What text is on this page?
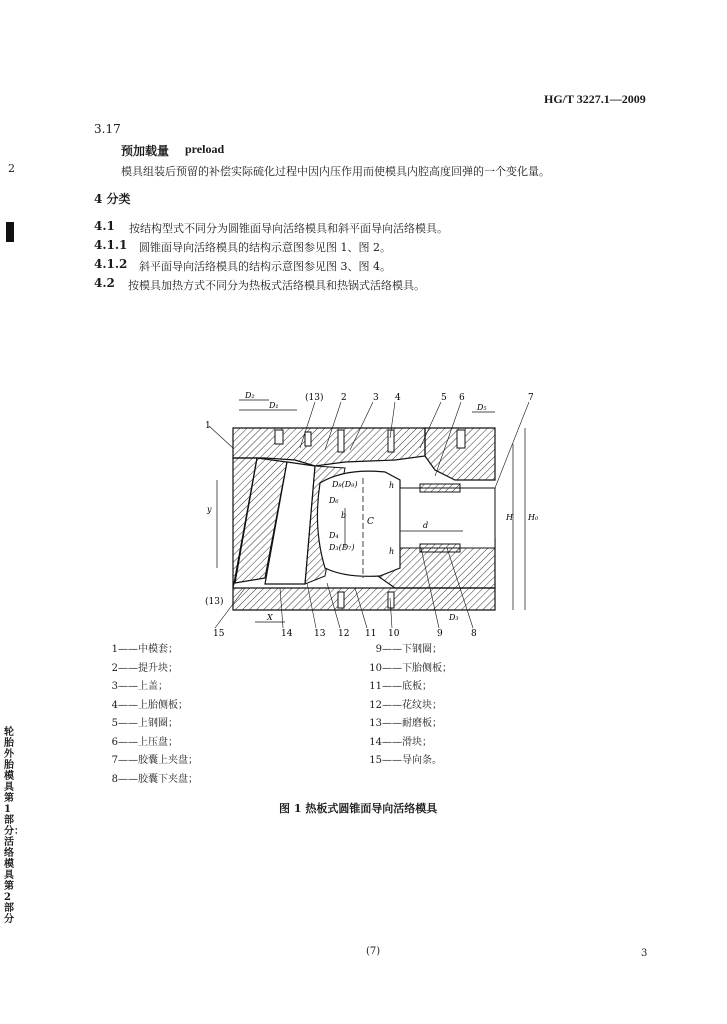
HG/T 3227.1—2009
2
3.17
预加载量 preload
模具组装后预留的补偿实际硫化过程中因内压作用而使模具内腔高度回弹的一个变化量。
4 分类
4.1 按结构型式不同分为圆锥面导向活络模具和斜平面导向活络模具。
4.1.1 圆锥面导向活络模具的结构示意图参见图 1、图 2。
4.1.2 斜平面导向活络模具的结构示意图参见图 3、图 4。
4.2 按模具加热方式不同分为热板式活络模具和热锅式活络模具。
(13) 2	3 4	5 6	7
1
(13)
15	14 13 12 11 10	9	8
D₂
D₁	D₅
D₈(D₉)
D₆
D₄
D₃(D₇)
D₃
d
h
h
C
b
y
X
H H₀
1——中模套；
2——提升块；
3——上盖；
4——上胎侧板；
5——上钢圈；
6——上压盘；
7——胶囊上夹盘；
8——胶囊下夹盘；
9——下钢圈；
10——下胎侧板；
11——底板；
12——花纹块；
13——耐磨板；
14——滑块；
15——导向条。
图 1 热板式圆锥面导向活络模具
轮胎外胎模具第1部分：活络模具第2部分
(7)	3
